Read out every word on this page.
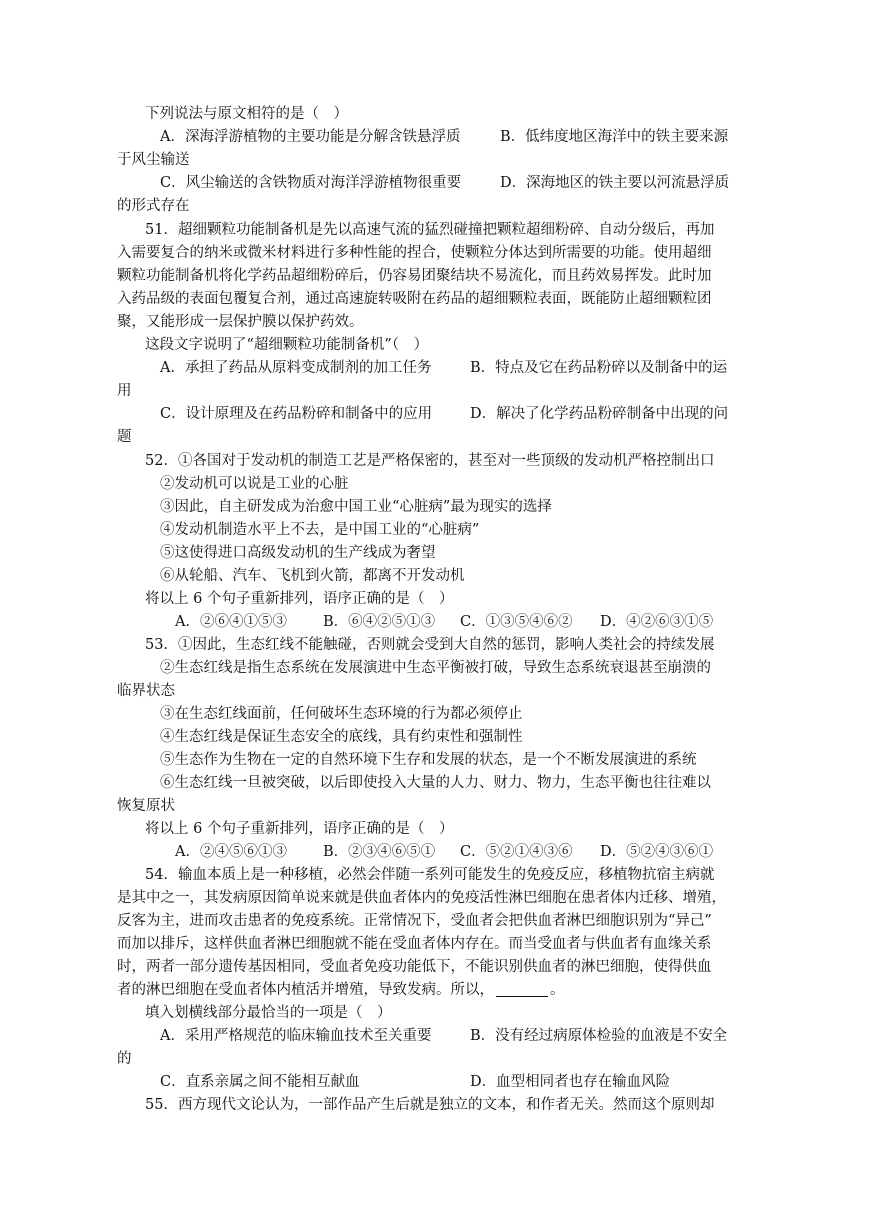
下列说法与原文相符的是（　）
A．深海浮游植物的主要功能是分解含铁悬浮质	B．低纬度地区海洋中的铁主要来源
于风尘输送
C．风尘输送的含铁物质对海洋浮游植物很重要	D．深海地区的铁主要以河流悬浮质
的形式存在
51．超细颗粒功能制备机是先以高速气流的猛烈碰撞把颗粒超细粉碎、自动分级后，再加
入需要复合的纳米或微米材料进行多种性能的捏合，使颗粒分体达到所需要的功能。使用超细
颗粒功能制备机将化学药品超细粉碎后，仍容易团聚结块不易流化，而且药效易挥发。此时加
入药品级的表面包覆复合剂，通过高速旋转吸附在药品的超细颗粒表面，既能防止超细颗粒团
聚，又能形成一层保护膜以保护药效。
这段文字说明了“超细颗粒功能制备机”（　）
A．承担了药品从原料变成制剂的加工任务	B．特点及它在药品粉碎以及制备中的运
用
C．设计原理及在药品粉碎和制备中的应用	D．解决了化学药品粉碎制备中出现的问
题
52．①各国对于发动机的制造工艺是严格保密的，甚至对一些顶级的发动机严格控制出口
②发动机可以说是工业的心脏
③因此，自主研发成为治愈中国工业“心脏病”最为现实的选择
④发动机制造水平上不去，是中国工业的“心脏病”
⑤这使得进口高级发动机的生产线成为奢望
⑥从轮船、汽车、飞机到火箭，都离不开发动机
将以上 6 个句子重新排列，语序正确的是（　）
A．②⑥④①⑤③ B．⑥④②⑤①③ C．①③⑤④⑥② D．④②⑥③①⑤
53．①因此，生态红线不能触碰，否则就会受到大自然的惩罚，影响人类社会的持续发展
②生态红线是指生态系统在发展演进中生态平衡被打破，导致生态系统衰退甚至崩溃的
临界状态
③在生态红线面前，任何破坏生态环境的行为都必须停止
④生态红线是保证生态安全的底线，具有约束性和强制性
⑤生态作为生物在一定的自然环境下生存和发展的状态，是一个不断发展演进的系统
⑥生态红线一旦被突破，以后即使投入大量的人力、财力、物力，生态平衡也往往难以
恢复原状
将以上 6 个句子重新排列，语序正确的是（　）
A．②④⑤⑥①③ B．②③④⑥⑤① C．⑤②①④③⑥ D．⑤②④③⑥①
54．输血本质上是一种移植，必然会伴随一系列可能发生的免疫反应，移植物抗宿主病就
是其中之一，其发病原因简单说来就是供血者体内的免疫活性淋巴细胞在患者体内迁移、增殖，
反客为主，进而攻击患者的免疫系统。正常情况下，受血者会把供血者淋巴细胞识别为“异己”
而加以排斥，这样供血者淋巴细胞就不能在受血者体内存在。而当受血者与供血者有血缘关系
时，两者一部分遗传基因相同，受血者免疫功能低下，不能识别供血者的淋巴细胞，使得供血
者的淋巴细胞在受血者体内植活并增殖，导致发病。所以，	。
填入划横线部分最恰当的一项是（　）
A．采用严格规范的临床输血技术至关重要	B．没有经过病原体检验的血液是不安全
的
C．直系亲属之间不能相互献血	D．血型相同者也存在输血风险
55．西方现代文论认为，一部作品产生后就是独立的文本，和作者无关。然而这个原则却
